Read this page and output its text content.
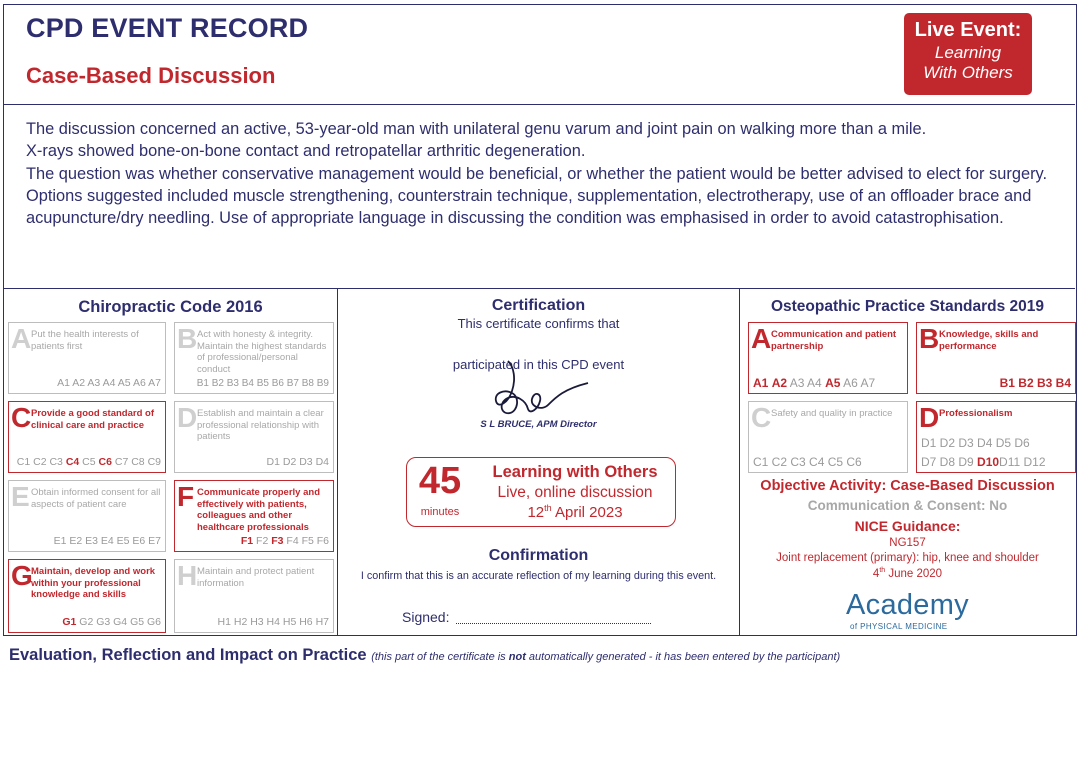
CPD EVENT RECORD
Case-Based Discussion
Live Event:
Learning
With Others

The discussion concerned an active, 53-year-old man with unilateral genu varum and joint pain on walking more than a mile.

X-rays showed bone-on-bone contact and retropatellar arthritic degeneration.

The question was whether conservative management would be beneficial, or whether the patient would be better advised to elect for surgery.

Options suggested included muscle strengthening, counterstrain technique, supplementation, electrotherapy, use of an offloader brace and acupuncture/dry needling. Use of appropriate language in discussing the condition was emphasised in order to avoid catastrophisation.

Chiropractic Code 2016
A Put the health interests of patients first
A1 A2 A3 A4 A5 A6 A7
B Act with honesty & integrity. Maintain the highest standards of professional/personal conduct
B1 B2 B3 B4 B5 B6 B7 B8 B9
C Provide a good standard of clinical care and practice
C1 C2 C3 C4 C5 C6 C7 C8 C9
D Establish and maintain a clear professional relationship with patients
D1 D2 D3 D4
E Obtain informed consent for all aspects of patient care
E1 E2 E3 E4 E5 E6 E7
F Communicate properly and effectively with patients, colleagues and other healthcare professionals
F1 F2 F3 F4 F5 F6
G
Maintain, develop and work within your professional knowledge and skills
G1 G2 G3 G4 G5 G6
H Maintain and protect patient information
H1 H2 H3 H4 H5 H6 H7
Certification
This certificate confirms that
participated in this CPD event
S L BRUCE, APM Director
45
minutes
Learning with Others
Live, online discussion
12th April 2023
Confirmation
I confirm that this is an accurate reflection of my learning during this event.
Signed:
Osteopathic Practice Standards 2019
A Communication and patient partnership
A1 A2 A3 A4 A5 A6 A7
B Knowledge, skills and performance
B1 B2 B3 B4
C Safety and quality in practice
C1 C2 C3 C4 C5 C6
D Professionalism
D1 D2 D3 D4 D5 D6
D7 D8 D9 D10D11 D12
Objective Activity: Case-Based Discussion
Communication & Consent: No
NICE Guidance:
NG157
Joint replacement (primary): hip, knee and shoulder
4th June 2020
Academy
of PHYSICAL MEDICINE
Evaluation, Reflection and Impact on Practice (this part of the certificate is not automatically generated - it has been entered by the participant)
